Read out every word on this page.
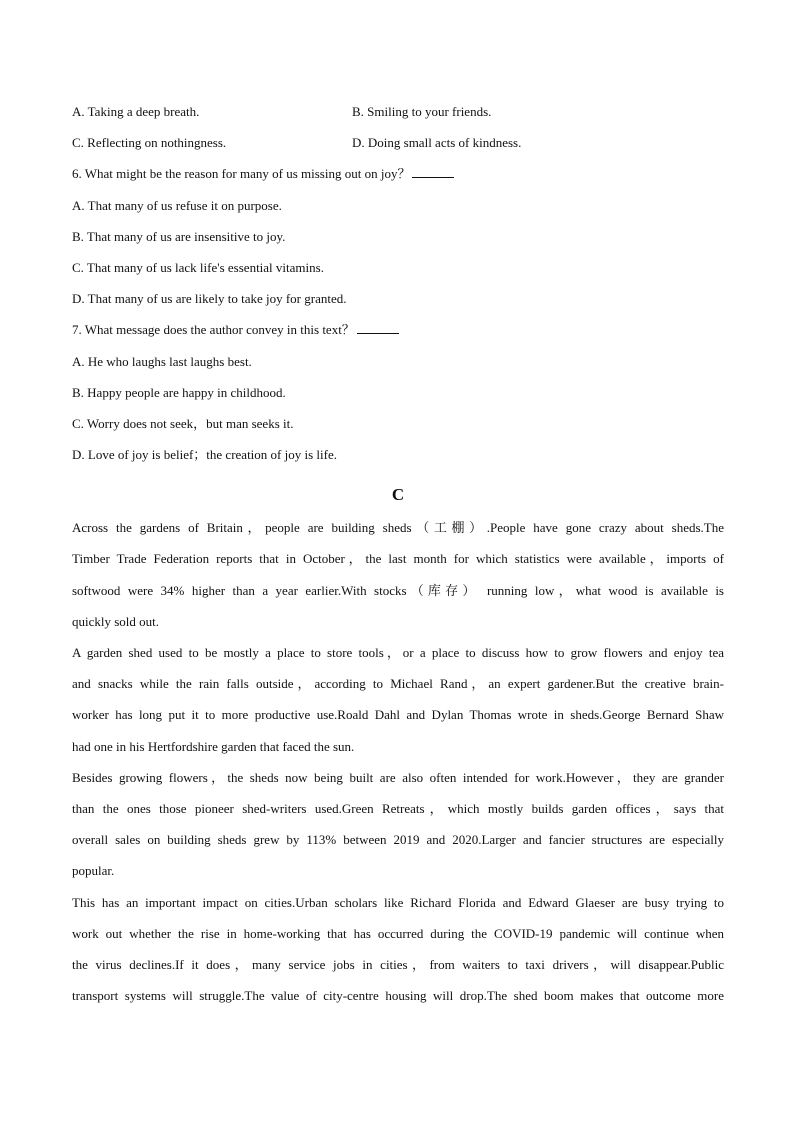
A. Taking a deep breath.	B. Smiling to your friends.
C. Reflecting on nothingness.	D. Doing small acts of kindness.
6. What might be the reason for many of us missing out on joy？
A. That many of us refuse it on purpose.
B. That many of us are insensitive to joy.
C. That many of us lack life's essential vitamins.
D. That many of us are likely to take joy for granted.
7. What message does the author convey in this text？
A. He who laughs last laughs best.
B. Happy people are happy in childhood.
C. Worry does not seek，but man seeks it.
D. Love of joy is belief；the creation of joy is life.
C
Across the gardens of Britain，people are building sheds（工棚）.People have gone crazy about sheds.The
Timber Trade Federation reports that in October，the last month for which statistics were available，imports of
softwood were 34% higher than a year earlier.With stocks（库存） running low，what wood is available is
quickly sold out.
A garden shed used to be mostly a place to store tools，or a place to discuss how to grow flowers and enjoy tea
and snacks while the rain falls outside，according to Michael Rand，an expert gardener.But the creative brain-
worker has long put it to more productive use.Roald Dahl and Dylan Thomas wrote in sheds.George Bernard Shaw
had one in his Hertfordshire garden that faced the sun.
Besides growing flowers，the sheds now being built are also often intended for work.However，they are grander
than the ones those pioneer shed-writers used.Green Retreats，which mostly builds garden offices，says that
overall sales on building sheds grew by 113% between 2019 and 2020.Larger and fancier structures are especially
popular.
This has an important impact on cities.Urban scholars like Richard Florida and Edward Glaeser are busy trying to
work out whether the rise in home-working that has occurred during the COVID-19 pandemic will continue when
the virus declines.If it does，many service jobs in cities，from waiters to taxi drivers，will disappear.Public
transport systems will struggle.The value of city-centre housing will drop.The shed boom makes that outcome more
